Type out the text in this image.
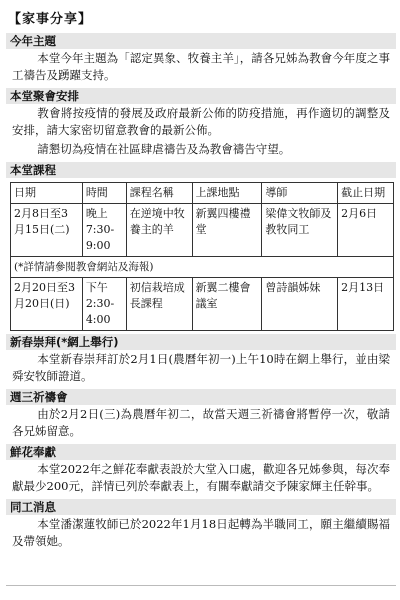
【家事分享】
今年主題
本堂今年主題為「認定異象、牧養主羊」，請各兄姊為教會今年度之事工禱告及踴躍支持。
本堂聚會安排
教會將按疫情的發展及政府最新公佈的防疫措施，再作適切的調整及安排，請大家密切留意教會的最新公佈。
請懇切為疫情在社區肆虐禱告及為教會禱告守望。
本堂課程
日期	時間	課程名稱	上課地點	導師	截止日期
2月8日至3月15日(二)	晚上7:30-9:00	在逆境中牧養主的羊	新翼四樓禮堂	梁偉文牧師及教牧同工	2月6日
(*詳情請參閱教會網站及海報)					
2月20日至3月20日(日)	下午2:30-4:00	初信栽培成長課程	新翼二樓會議室	曾詩韻姊妹	2月13日
新春崇拜(*網上舉行)
本堂新春崇拜訂於2月1日(農曆年初一)上午10時在網上舉行，並由梁舜安牧師證道。
週三祈禱會
由於2月2日(三)為農曆年初二，故當天週三祈禱會將暫停一次，敬請各兄姊留意。
鮮花奉獻
本堂2022年之鮮花奉獻表設於大堂入口處，歡迎各兄姊參與，每次奉獻最少200元，詳情已列於奉獻表上，有關奉獻請交予陳家輝主任幹事。
同工消息
本堂潘潔蓮牧師已於2022年1月18日起轉為半職同工，願主繼續賜福及帶領她。
